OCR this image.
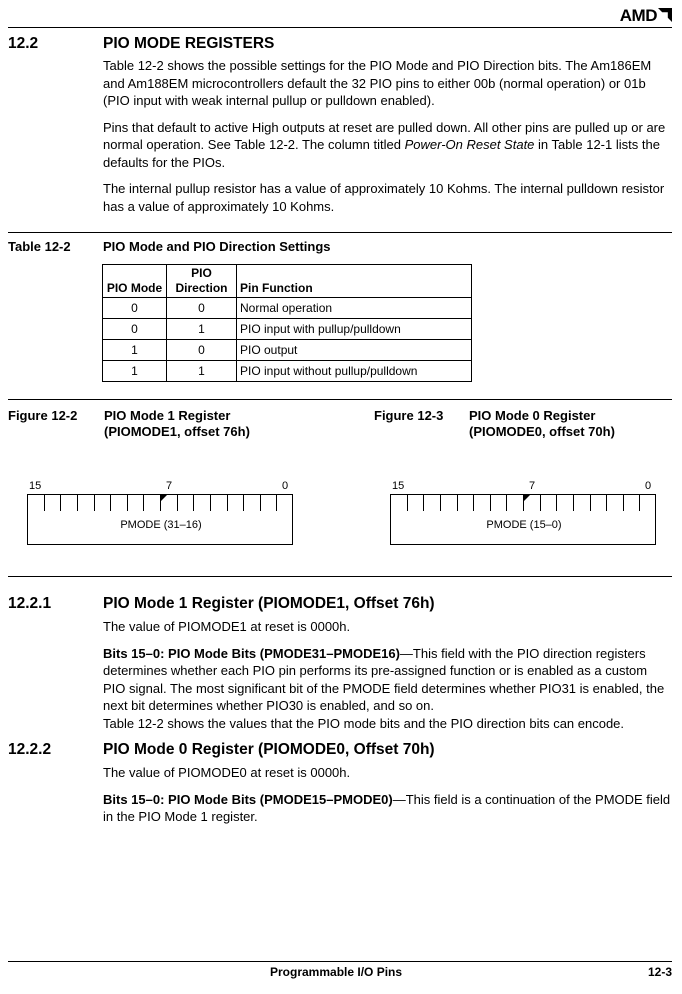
AMD
12.2	PIO MODE REGISTERS

Table 12-2 shows the possible settings for the PIO Mode and PIO Direction bits. The Am186EM and Am188EM microcontrollers default the 32 PIO pins to either 00b (normal operation) or 01b (PIO input with weak internal pullup or pulldown enabled).

Pins that default to active High outputs at reset are pulled down. All other pins are pulled up or are normal operation. See Table 12-2. The column titled Power-On Reset State in Table 12-1 lists the defaults for the PIOs.

The internal pullup resistor has a value of approximately 10 Kohms. The internal pulldown resistor has a value of approximately 10 Kohms.

Table 12-2 PIO Mode and PIO Direction Settings
PIO Mode	PIO Direction	Pin Function
0	0	Normal operation
0	1	PIO input with pullup/pulldown
1	0	PIO output
1	1	PIO input without pullup/pulldown
Figure 12-2 PIO Mode 1 Register
(PIOMODE1, offset 76h)
Figure 12-3 PIO Mode 0 Register
(PIOMODE0, offset 70h)
15	7	0
PMODE (31–16)
15	7	0
PMODE (15–0)
12.2.1	PIO Mode 1 Register (PIOMODE1, Offset 76h)

The value of PIOMODE1 at reset is 0000h.

Bits 15–0: PIO Mode Bits (PMODE31–PMODE16)—This field with the PIO direction registers determines whether each PIO pin performs its pre-assigned function or is enabled as a custom PIO signal. The most significant bit of the PMODE field determines whether PIO31 is enabled, the next bit determines whether PIO30 is enabled, and so on.

Table 12-2 shows the values that the PIO mode bits and the PIO direction bits can encode.

12.2.2	PIO Mode 0 Register (PIOMODE0, Offset 70h)

The value of PIOMODE0 at reset is 0000h.

Bits 15–0: PIO Mode Bits (PMODE15–PMODE0)—This field is a continuation of the PMODE field in the PIO Mode 1 register.

Programmable I/O Pins	12-3
